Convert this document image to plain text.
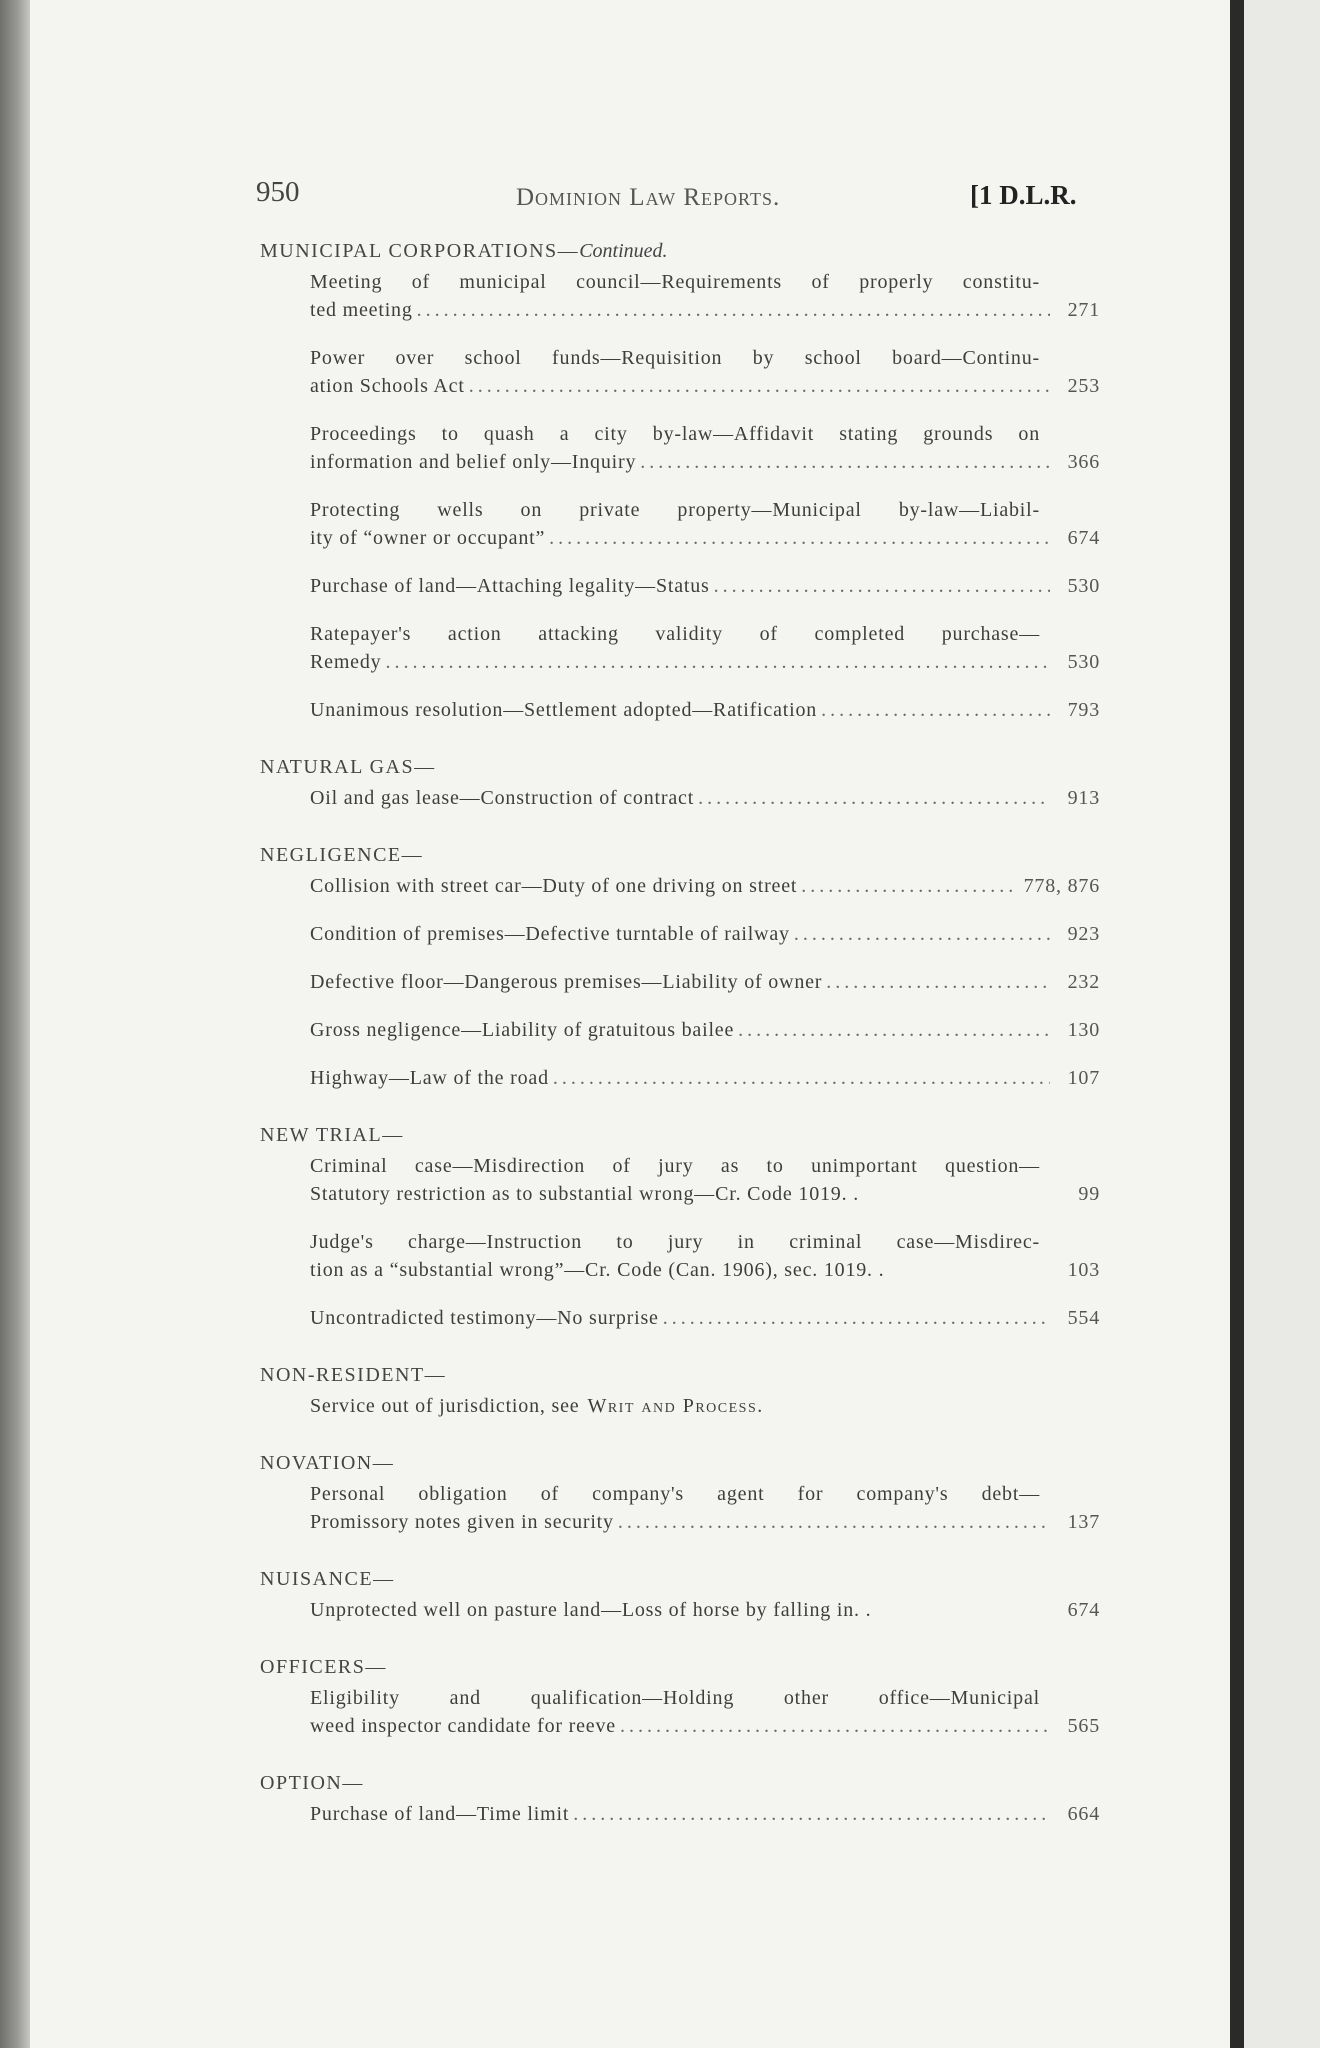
950	Dominion Law Reports.	[1 D.L.R.
MUNICIPAL CORPORATIONS—Continued.
Meeting of municipal council—Requirements of properly constitu-
ted meeting .....	271
Power over school funds—Requisition by school board—Continu-
ation Schools Act .....	253
Proceedings to quash a city by-law—Affidavit stating grounds on
information and belief only—Inquiry .....	366
Protecting wells on private property—Municipal by-law—Liabil-
ity of “owner or occupant” .....	674
Purchase of land—Attaching legality—Status .....	530
Ratepayer's action attacking validity of completed purchase—
Remedy .....	530
Unanimous resolution—Settlement adopted—Ratification .....	793
NATURAL GAS—
Oil and gas lease—Construction of contract .....	913
NEGLIGENCE—
Collision with street car—Duty of one driving on street .....	778, 876
Condition of premises—Defective turntable of railway .....	923
Defective floor—Dangerous premises—Liability of owner .....	232
Gross negligence—Liability of gratuitous bailee .....	130
Highway—Law of the road .....	107
NEW TRIAL—
Criminal case—Misdirection of jury as to unimportant question—
Statutory restriction as to substantial wrong—Cr. Code 1019. .	99
Judge's charge—Instruction to jury in criminal case—Misdirec-
tion as a “substantial wrong”—Cr. Code (Can. 1906), sec. 1019. .	103
Uncontradicted testimony—No surprise .....	554
NON-RESIDENT—
Service out of jurisdiction, see Writ and Process.
NOVATION—
Personal obligation of company's agent for company's debt—
Promissory notes given in security .....	137
NUISANCE—
Unprotected well on pasture land—Loss of horse by falling in. .	674
OFFICERS—
Eligibility and qualification—Holding other office—Municipal
weed inspector candidate for reeve .....	565
OPTION—
Purchase of land—Time limit .....	664
